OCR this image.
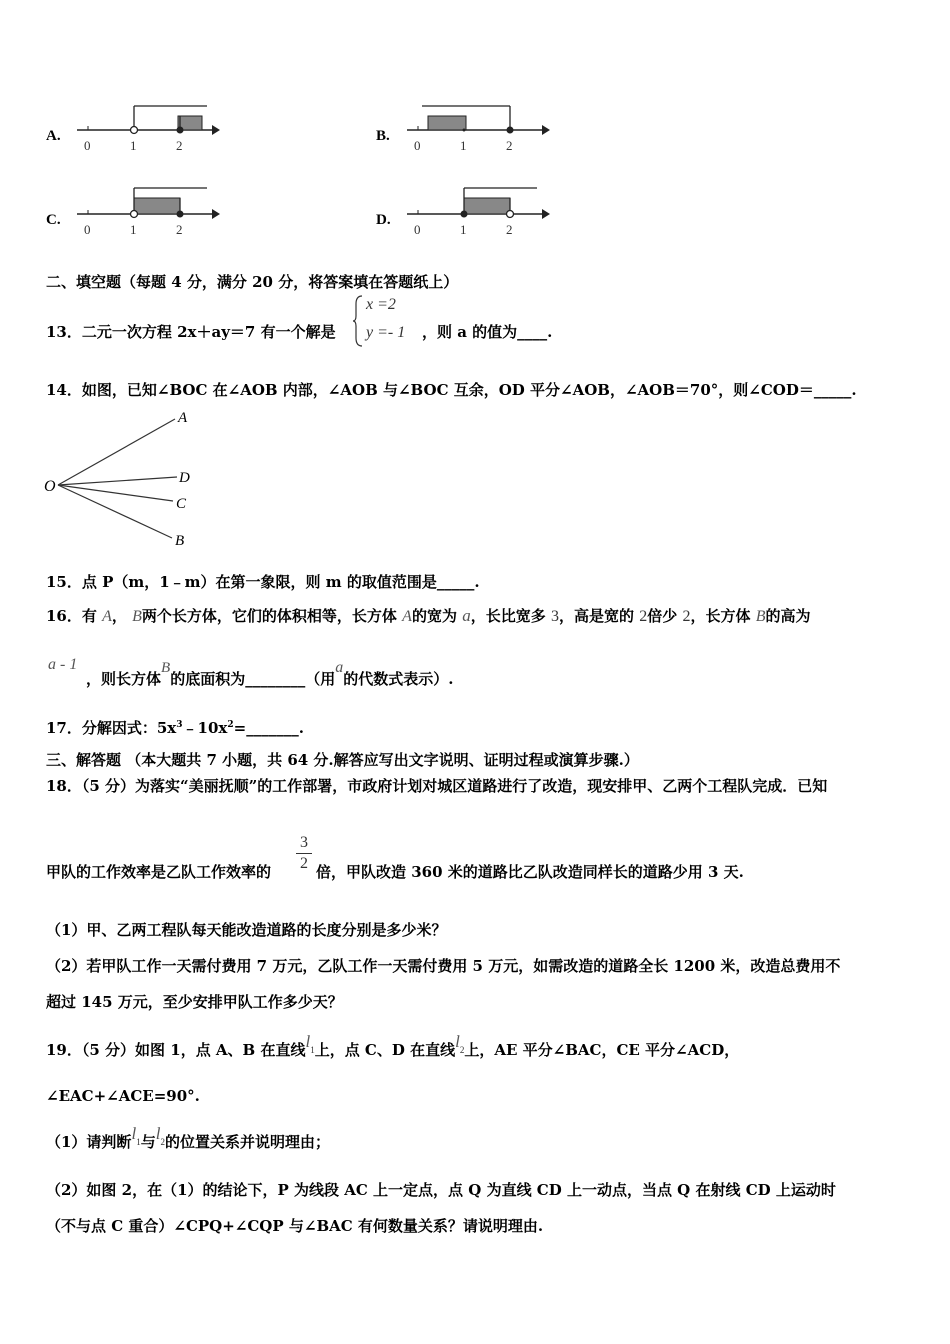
A.
0	1	2
B.
0	1	2
C.
0	1	2
D.
0	1	2
二、填空题（每题 4 分，满分 20 分，将答案填在答题纸上）
13．二元一次方程 2x＋ay＝7 有一个解是
x =2
y =- 1 ，则 a 的值为____.
14．如图，已知∠BOC 在∠AOB 内部，∠AOB 与∠BOC 互余，OD 平分∠AOB，∠AOB＝70°，则∠COD＝_____.
O
A
D
C
B
15．点 P（m，1﹣m）在第一象限，则 m 的取值范围是_____.
16．有 A， B两个长方体，它们的体积相等，长方体 A的宽为 a，长比宽多 3，高是宽的 2倍少 2，长方体 B的高为
a - 1
，则长方体B的底面积为________（用a的代数式表示）.
17．分解因式：$5x^3﹣10x^2=\_\_\_\_\_\_\_$.
三、解答题 （本大题共 7 小题，共 64 分.解答应写出文字说明、证明过程或演算步骤.）
18．（5 分）为落实“美丽抚顺”的工作部署，市政府计划对城区道路进行了改造，现安排甲、乙两个工程队完成．已知
甲队的工作效率是乙队工作效率的
3
2 倍，甲队改造 360 米的道路比乙队改造同样长的道路少用 3 天.
（1）甲、乙两工程队每天能改造道路的长度分别是多少米？
（2）若甲队工作一天需付费用 7 万元，乙队工作一天需付费用 5 万元，如需改造的道路全长 1200 米，改造总费用不
超过 145 万元，至少安排甲队工作多少天？
19．（5 分）如图 1，点 A、B 在直线$l_1$上，点 C、D 在直线$l_2$上，AE 平分∠BAC，CE 平分∠ACD，
∠EAC+∠ACE=90°.
（1）请判断$l_1$与$l_2$的位置关系并说明理由；
（2）如图 2，在（1）的结论下，P 为线段 AC 上一定点，点 Q 为直线 CD 上一动点，当点 Q 在射线 CD 上运动时
（不与点 C 重合）∠CPQ+∠CQP 与∠BAC 有何数量关系？请说明理由.
